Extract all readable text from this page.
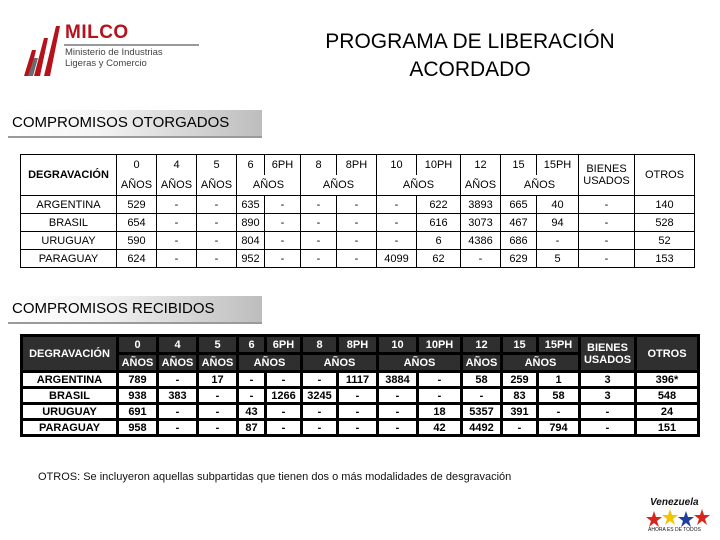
MILCO
Ministerio de Industrias Ligeras y Comercio
PROGRAMA DE LIBERACIÓN
ACORDADO
COMPROMISOS OTORGADOS
DEGRAVACIÓN	0	4	5	6	6PH	8	8PH	10	10PH	12	15	15PH	BIENES
USADOS	OTROS
	AÑOS	AÑOS	AÑOS	AÑOS		AÑOS		AÑOS		AÑOS	AÑOS			
ARGENTINA	529	-	-	635	-	-	-	-	622	3893	665	40	-	140
BRASIL	654	-	-	890	-	-	-	-	616	3073	467	94	-	528
URUGUAY	590	-	-	804	-	-	-	-	6	4386	686	-	-	52
PARAGUAY	624	-	-	952	-	-	-	4099	62	-	629	5	-	153
COMPROMISOS RECIBIDOS
DEGRAVACIÓN	0	4	5	6	6PH	8	8PH	10	10PH	12	15	15PH	BIENES
USADOS	OTROS
	AÑOS	AÑOS	AÑOS	AÑOS		AÑOS		AÑOS		AÑOS	AÑOS			
ARGENTINA	789	-	17	-	-	-	1117	3884	-	58	259	1	3	396*
BRASIL	938	383	-	-	1266	3245	-	-	-	-	83	58	3	548
URUGUAY	691	-	-	43	-	-	-	-	18	5357	391	-	-	24
PARAGUAY	958	-	-	87	-	-	-	-	42	4492	-	794	-	151
OTROS: Se incluyeron aquellas subpartidas que tienen dos o más modalidades de desgravación
Venezuela
AHORA ES DE TODOS
